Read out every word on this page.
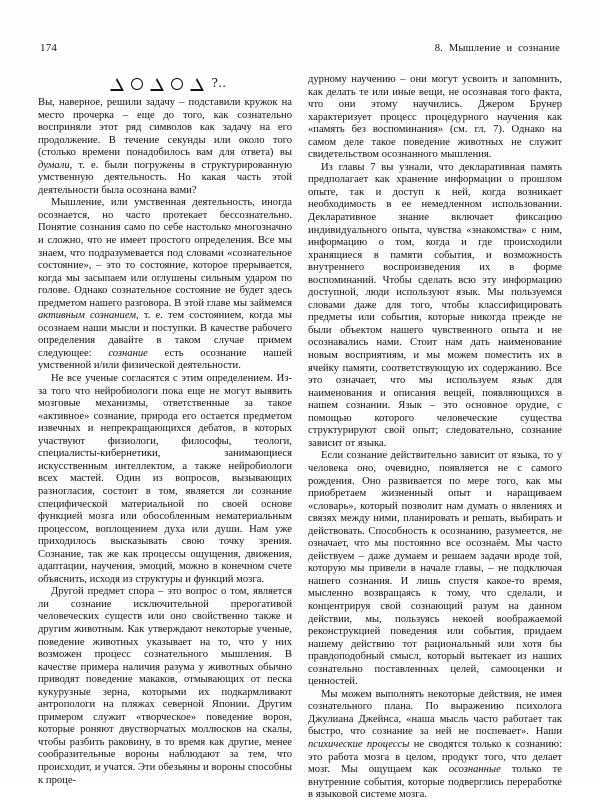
174	8. Мышление и сознание
?..

Вы, наверное, решили задачу – подставили кружок на место прочерка – еще до того, как сознательно восприняли этот ряд символов как задачу на его продолжение. В течение секунды или около того (столько времени понадобилось вам для ответа) вы думали, т. е. были погружены в структурированную умственную деятельность. Но какая часть этой деятельности была осознана вами?

Мышление, или умственная деятельность, иногда осознается, но часто протекает бессознательно. Понятие сознания само по себе настолько многозначно и сложно, что не имеет простого определения. Все мы знаем, что подразумевается под словами «сознательное состояние», – это то состояние, которое прерывается, когда мы засыпаем или оглушены сильным ударом по голове. Однако сознательное состояние не будет здесь предметом нашего разговора. В этой главе мы займемся активным сознанием, т. е. тем состоянием, когда мы осознаем наши мысли и поступки. В качестве рабочего определения давайте в таком случае примем следующее: сознание есть осознание нашей умственной и/или физической деятельности.

Не все ученые согласятся с этим определением. Из-за того что нейробиологи пока еще не могут выявить мозговые механизмы, ответственные за такое «активное» сознание, природа его остается предметом извечных и непрекращающихся дебатов, в которых участвуют физиологи, философы, теологи, специалисты-кибернетики, занимающиеся искусственным интеллектом, а также нейробиологи всех мастей. Один из вопросов, вызывающих разногласия, состоит в том, является ли сознание специфической материальной по своей основе функцией мозга или обособленным нематериальным процессом, воплощением духа или души. Нам уже приходилось высказывать свою точку зрения. Сознание, так же как процессы ощущения, движения, адаптации, научения, эмоций, можно в конечном счете объяснить, исходя из структуры и функций мозга.

Другой предмет спора – это вопрос о том, является ли сознание исключительной прерогативой человеческих существ или оно свойственно также и другим животным. Как утверждают некоторые ученые, поведение животных указывает на то, что у них возможен процесс сознательного мышления. В качестве примера наличия разума у животных обычно приводят поведение макаков, отмывающих от песка кукурузные зерна, которыми их подкармливают антропологи на пляжах северной Японии. Другим примером служит «творческое» поведение ворон, которые роняют двустворчатых моллюсков на скалы, чтобы разбить раковину, в то время как другие, менее сообразительные вороны наблюдают за тем, что происходит, и учатся. Эти обезьяны и вороны способны к проце-

дурному научению – они могут усвоить и запомнить, как делать те или иные вещи, не осознавая того факта, что они этому научились. Джером Брунер характеризует процесс процедурного научения как «память без воспоминания» (см. гл. 7). Однако на самом деле такое поведение животных не служит свидетельством осознанного мышления.

Из главы 7 вы узнали, что декларативная память предполагает как хранение информации о прошлом опыте, так и доступ к ней, когда возникает необходимость в ее немедленном использовании. Декларативное знание включает фиксацию индивидуального опыта, чувства «знакомства» с ним, информацию о том, когда и где происходили хранящиеся в памяти события, и возможность внутреннего воспроизведения их в форме воспоминаний. Чтобы сделать всю эту информацию доступной, люди используют язык. Мы пользуемся словами даже для того, чтобы классифицировать предметы или события, которые никогда прежде не были объектом нашего чувственного опыта и не осознавались нами. Стоит нам дать наименование новым восприятиям, и мы можем поместить их в ячейку памяти, соответствующую их содержанию. Все это означает, что мы используем язык для наименования и описания вещей, появляющихся в нашем сознании. Язык – это основное орудие, с помощью которого человеческие существа структурируют свой опыт; следовательно, сознание зависит от языка.

Если сознание действительно зависит от языка, то у человека оно, очевидно, появляется не с самого рождения. Оно развивается по мере того, как мы приобретаем жизненный опыт и наращиваем «словарь», который позволит нам думать о явлениях и связях между ними, планировать и решать, выбирать и действовать. Способность к осознанию, разумеется, не означает, что мы постоянно все осознаём. Мы часто действуем – даже думаем и решаем задачи вроде той, которую мы привели в начале главы, – не подключая нашего сознания. И лишь спустя какое-то время, мысленно возвращаясь к тому, что сделали, и концентрируя свой сознающий разум на данном действии, мы, пользуясь некоей воображаемой реконструкцией поведения или события, придаем нашему действию тот рациональный или хотя бы правдоподобный смысл, который вытекает из наших сознательно поставленных целей, самооценки и ценностей.

Мы можем выполнять некоторые действия, не имея сознательного плана. По выражению психолога Джулиана Джейнса, «наша мысль часто работает так быстро, что сознание за ней не поспевает». Наши психические процессы не сводятся только к сознанию: это работа мозга в целом, продукт того, что делает мозг. Мы ощущаем как осознанные только те внутренние события, которые подверглись переработке в языковой системе мозга.
